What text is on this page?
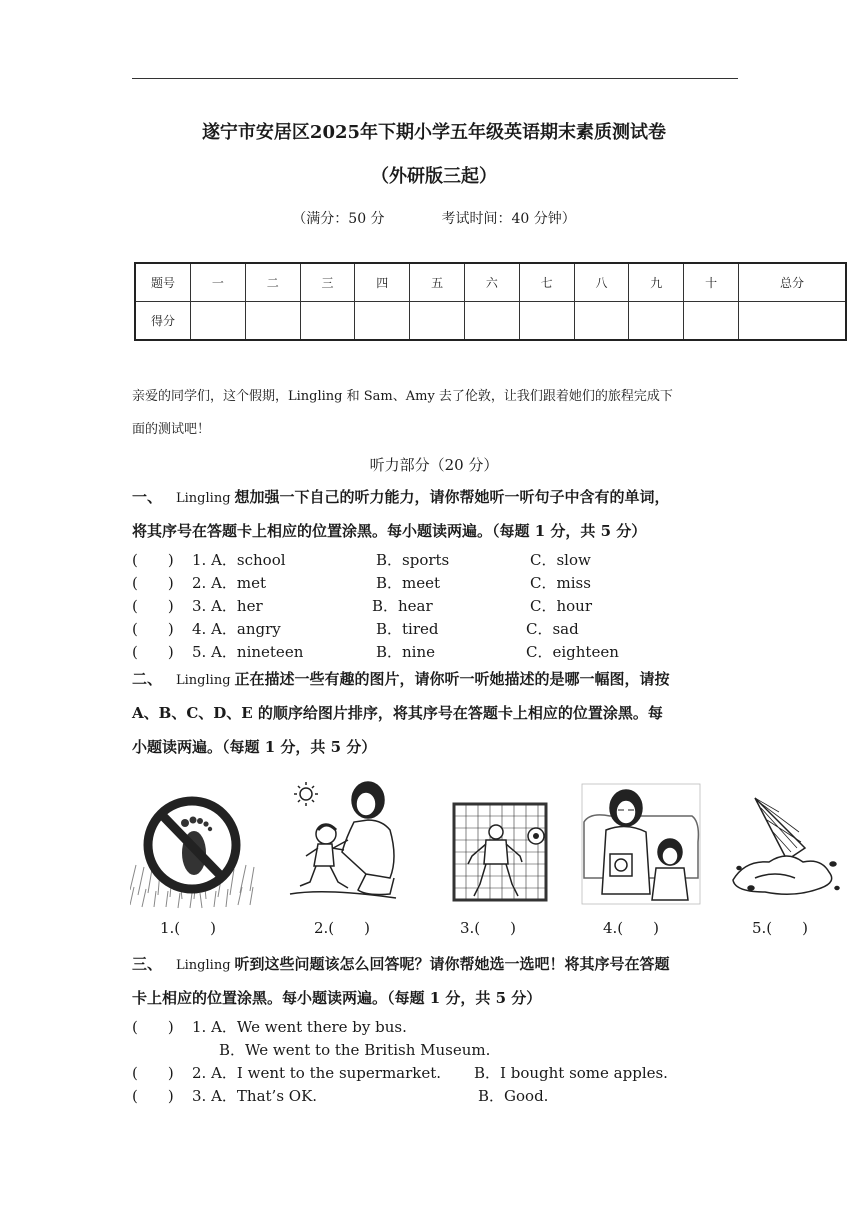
遂宁市安居区2025年下期小学五年级英语期末素质测试卷
（外研版三起）
（满分：50 分	考试时间：40 分钟）
题号	一	二	三	四	五	六	七	八	九	十	总分
得分											
亲爱的同学们，这个假期，Lingling 和 Sam、Amy 去了伦敦，让我们跟着她们的旅程完成下
面的测试吧！
听力部分（20 分）
一、 Lingling 想加强一下自己的听力能力，请你帮她听一听句子中含有的单词，
将其序号在答题卡上相应的位置涂黑。每小题读两遍。（每题 1 分，共 5 分）
(　　) 1. A．school	B．sports	C．slow
(　　) 2. A．met	B．meet	C．miss
(　　) 3. A．her	B．hear	C．hour
(　　) 4. A．angry	B．tired	C．sad
(　　) 5. A．nineteen	B．nine	C．eighteen
二、 Lingling 正在描述一些有趣的图片，请你听一听她描述的是哪一幅图，请按
A、B、C、D、E 的顺序给图片排序，将其序号在答题卡上相应的位置涂黑。每
小题读两遍。（每题 1 分，共 5 分）
1.(　　)	2.(　　)	3.(　　)	4.(　　)	5.(　　)
三、 Lingling 听到这些问题该怎么回答呢？请你帮她选一选吧！将其序号在答题
卡上相应的位置涂黑。每小题读两遍。（每题 1 分，共 5 分）
(　　) 1. A．We went there by bus.
B．We went to the British Museum.
(　　) 2. A．I went to the supermarket. B．I bought some apples.
(　　) 3. A．That’s OK.	B．Good.
